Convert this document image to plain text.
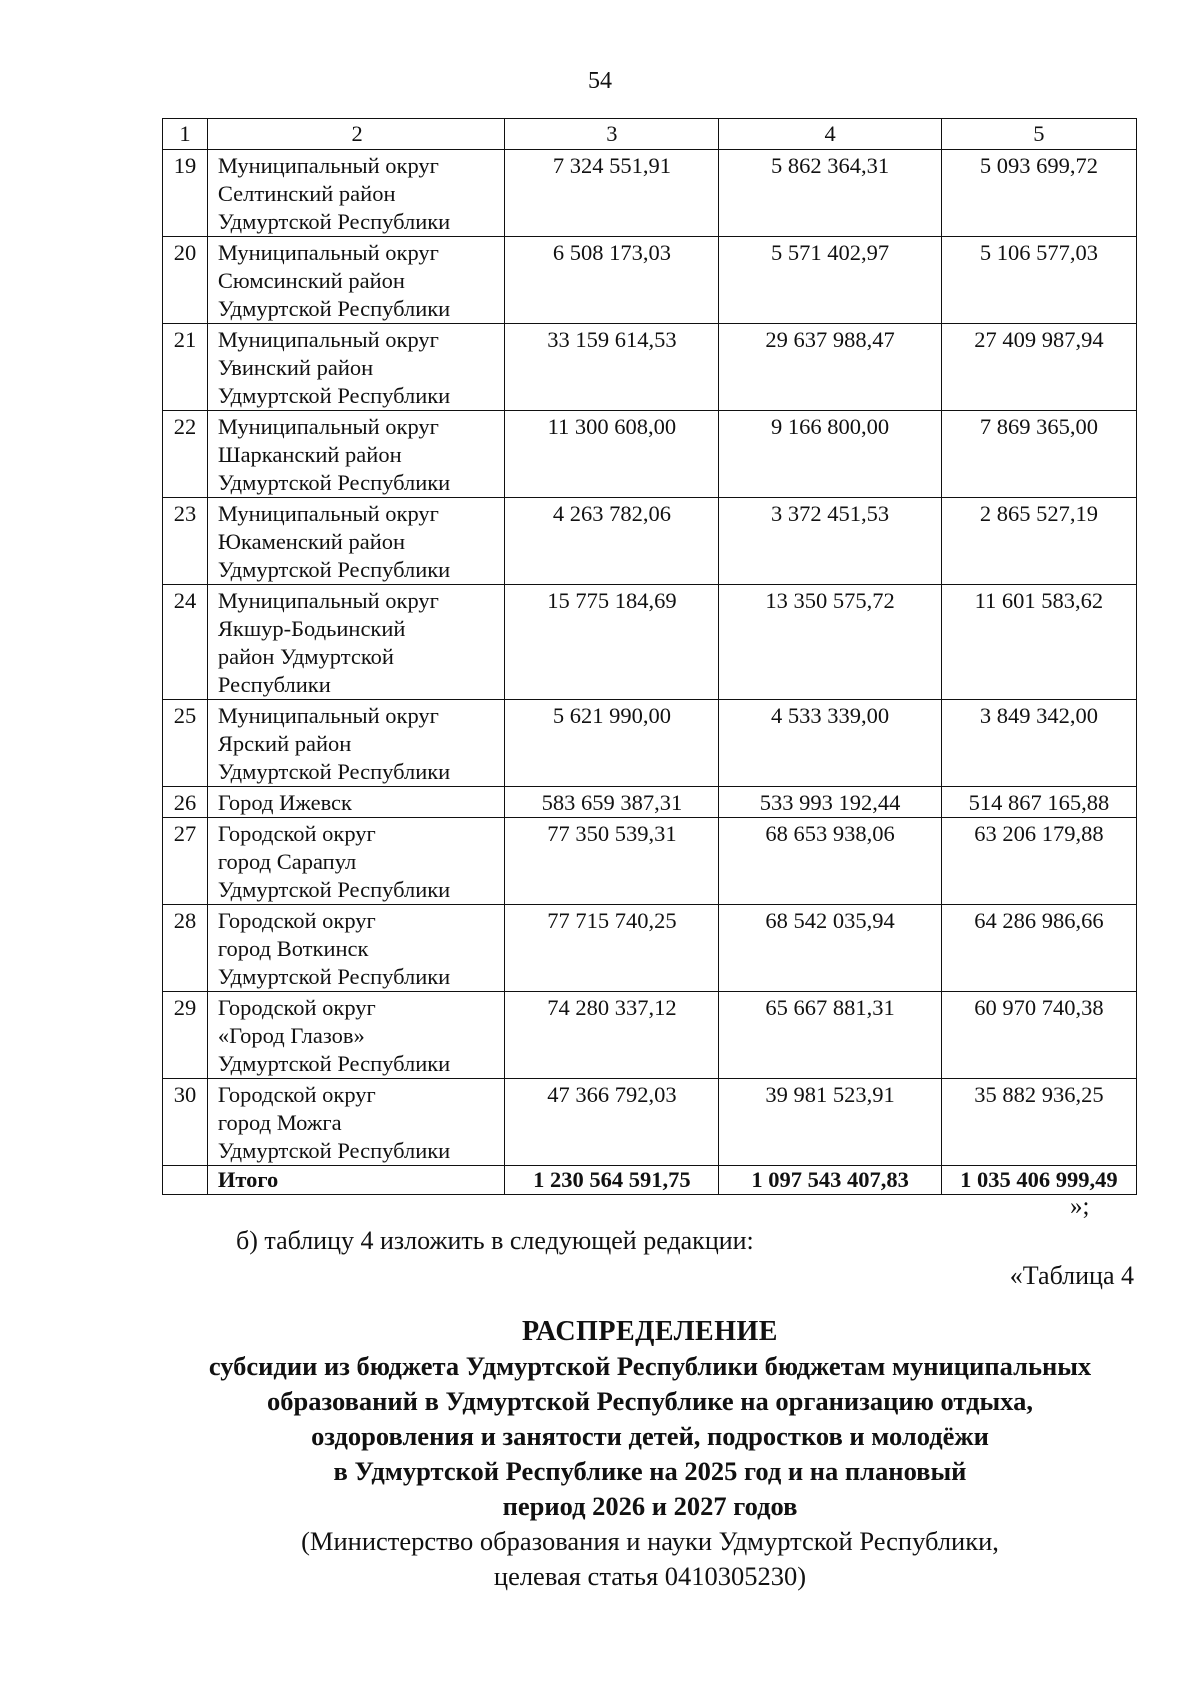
54
1	2	3	4	5
19	Муниципальный округ
Селтинский район
Удмуртской Республики	7 324 551,91	5 862 364,31	5 093 699,72
20	Муниципальный округ
Сюмсинский район
Удмуртской Республики	6 508 173,03	5 571 402,97	5 106 577,03
21	Муниципальный округ
Увинский район
Удмуртской Республики	33 159 614,53	29 637 988,47	27 409 987,94
22	Муниципальный округ
Шарканский район
Удмуртской Республики	11 300 608,00	9 166 800,00	7 869 365,00
23	Муниципальный округ
Юкаменский район
Удмуртской Республики	4 263 782,06	3 372 451,53	2 865 527,19
24	Муниципальный округ
Якшур-Бодьинский
район Удмуртской
Республики	15 775 184,69	13 350 575,72	11 601 583,62
25	Муниципальный округ
Ярский район
Удмуртской Республики	5 621 990,00	4 533 339,00	3 849 342,00
26	Город Ижевск	583 659 387,31	533 993 192,44	514 867 165,88
27	Городской округ
город Сарапул
Удмуртской Республики	77 350 539,31	68 653 938,06	63 206 179,88
28	Городской округ
город Воткинск
Удмуртской Республики	77 715 740,25	68 542 035,94	64 286 986,66
29	Городской округ
«Город Глазов»
Удмуртской Республики	74 280 337,12	65 667 881,31	60 970 740,38
30	Городской округ
город Можга
Удмуртской Республики	47 366 792,03	39 981 523,91	35 882 936,25
	Итого	1 230 564 591,75	1 097 543 407,83	1 035 406 999,49
»;
б) таблицу 4 изложить в следующей редакции:
«Таблица 4
РАСПРЕДЕЛЕНИЕ
субсидии из бюджета Удмуртской Республики бюджетам муниципальных
образований в Удмуртской Республике на организацию отдыха,
оздоровления и занятости детей, подростков и молодёжи
в Удмуртской Республике на 2025 год и на плановый
период 2026 и 2027 годов
(Министерство образования и науки Удмуртской Республики,
целевая статья 0410305230)
